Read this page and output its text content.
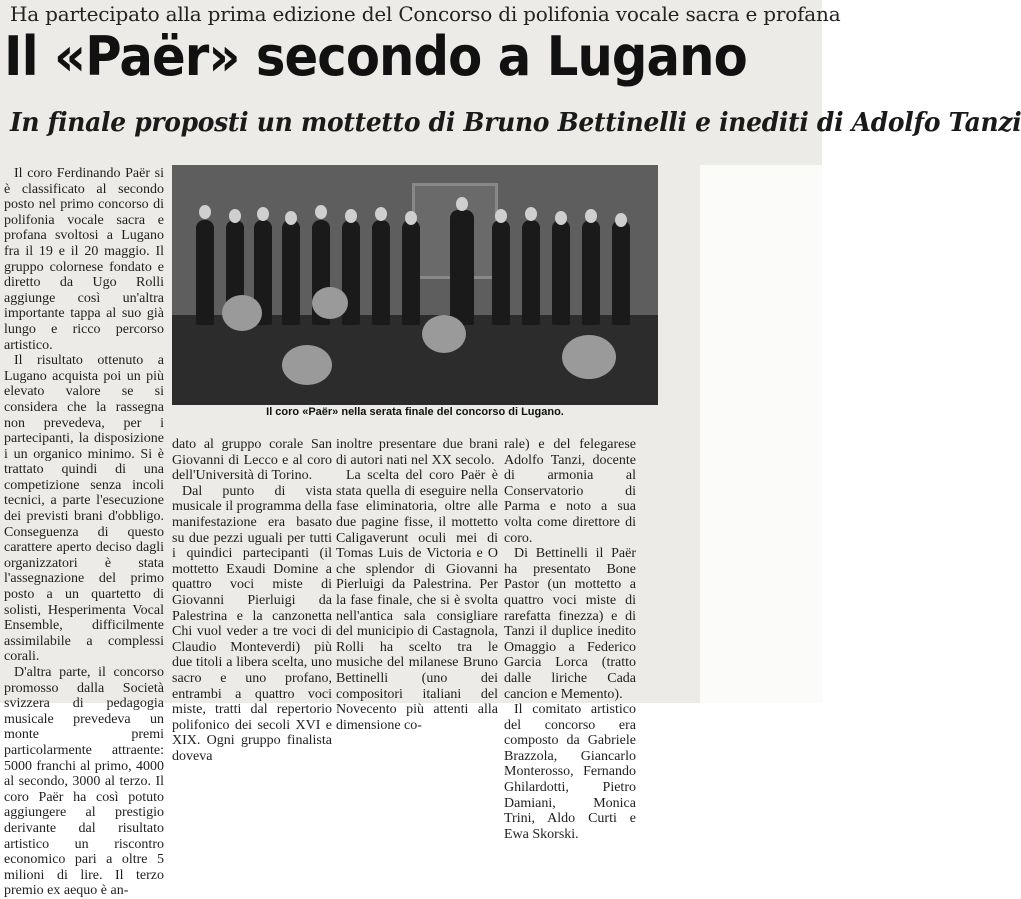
Ha partecipato alla prima edizione del Concorso di polifonia vocale sacra e profana
Il «Paër» secondo a Lugano
In finale proposti un mottetto di Bruno Bettinelli e inediti di Adolfo Tanzi

Il coro Ferdinando Paër si è classificato al secondo posto nel primo concorso di polifonia vocale sacra e profana svoltosi a Lugano fra il 19 e il 20 maggio. Il gruppo colornese fondato e diretto da Ugo Rolli aggiunge così un'altra importante tappa al suo già lungo e ricco percorso artistico.

Il risultato ottenuto a Lugano acquista poi un più elevato valore se si considera che la rassegna non prevedeva, per i partecipanti, la disposizione i un organico minimo. Si è trattato quindi di una competizione senza incoli tecnici, a parte l'esecuzione dei previsti brani d'obbligo. Conseguenza di questo carattere aperto deciso dagli organizzatori è stata l'assegnazione del primo posto a un quartetto di solisti, Hesperimenta Vocal Ensemble, difficilmente assimilabile a complessi corali.

D'altra parte, il concorso promosso dalla Società svizzera di pedagogia musicale prevedeva un monte premi particolarmente attraente: 5000 franchi al primo, 4000 al secondo, 3000 al terzo. Il coro Paër ha così potuto aggiungere al prestigio derivante dal risultato artistico un riscontro economico pari a oltre 5 milioni di lire. Il terzo premio ex aequo è an-

Il coro «Paër» nella serata finale del concorso di Lugano.

dato al gruppo corale San Giovanni di Lecco e al coro dell'Università di Torino.

Dal punto di vista musicale il programma della manifestazione era basato su due pezzi uguali per tutti i quindici partecipanti (il mottetto Exaudi Domine a quattro voci miste di Giovanni Pierluigi da Palestrina e la canzonetta Chi vuol veder a tre voci di Claudio Monteverdi) più due titoli a libera scelta, uno sacro e uno profano, entrambi a quattro voci miste, tratti dal repertorio polifonico dei secoli XVI e XIX. Ogni gruppo finalista doveva

inoltre presentare due brani di autori nati nel XX secolo.

La scelta del coro Paër è stata quella di eseguire nella fase eliminatoria, oltre alle due pagine fisse, il mottetto Caligaverunt oculi mei di Tomas Luis de Victoria e O che splendor di Giovanni Pierluigi da Palestrina. Per la fase finale, che si è svolta nell'antica sala consigliare del municipio di Castagnola, Rolli ha scelto tra le musiche del milanese Bruno Bettinelli (uno dei compositori italiani del Novecento più attenti alla dimensione co-

rale) e del felegarese Adolfo Tanzi, docente di armonia al Conservatorio di Parma e noto a sua volta come direttore di coro.

Di Bettinelli il Paër ha presentato Bone Pastor (un mottetto a quattro voci miste di rarefatta finezza) e di Tanzi il duplice inedito Omaggio a Federico Garcia Lorca (tratto dalle liriche Cada cancion e Memento).

Il comitato artistico del concorso era composto da Gabriele Brazzola, Giancarlo Monterosso, Fernando Ghilardotti, Pietro Damiani, Monica Trini, Aldo Curti e Ewa Skorski.
